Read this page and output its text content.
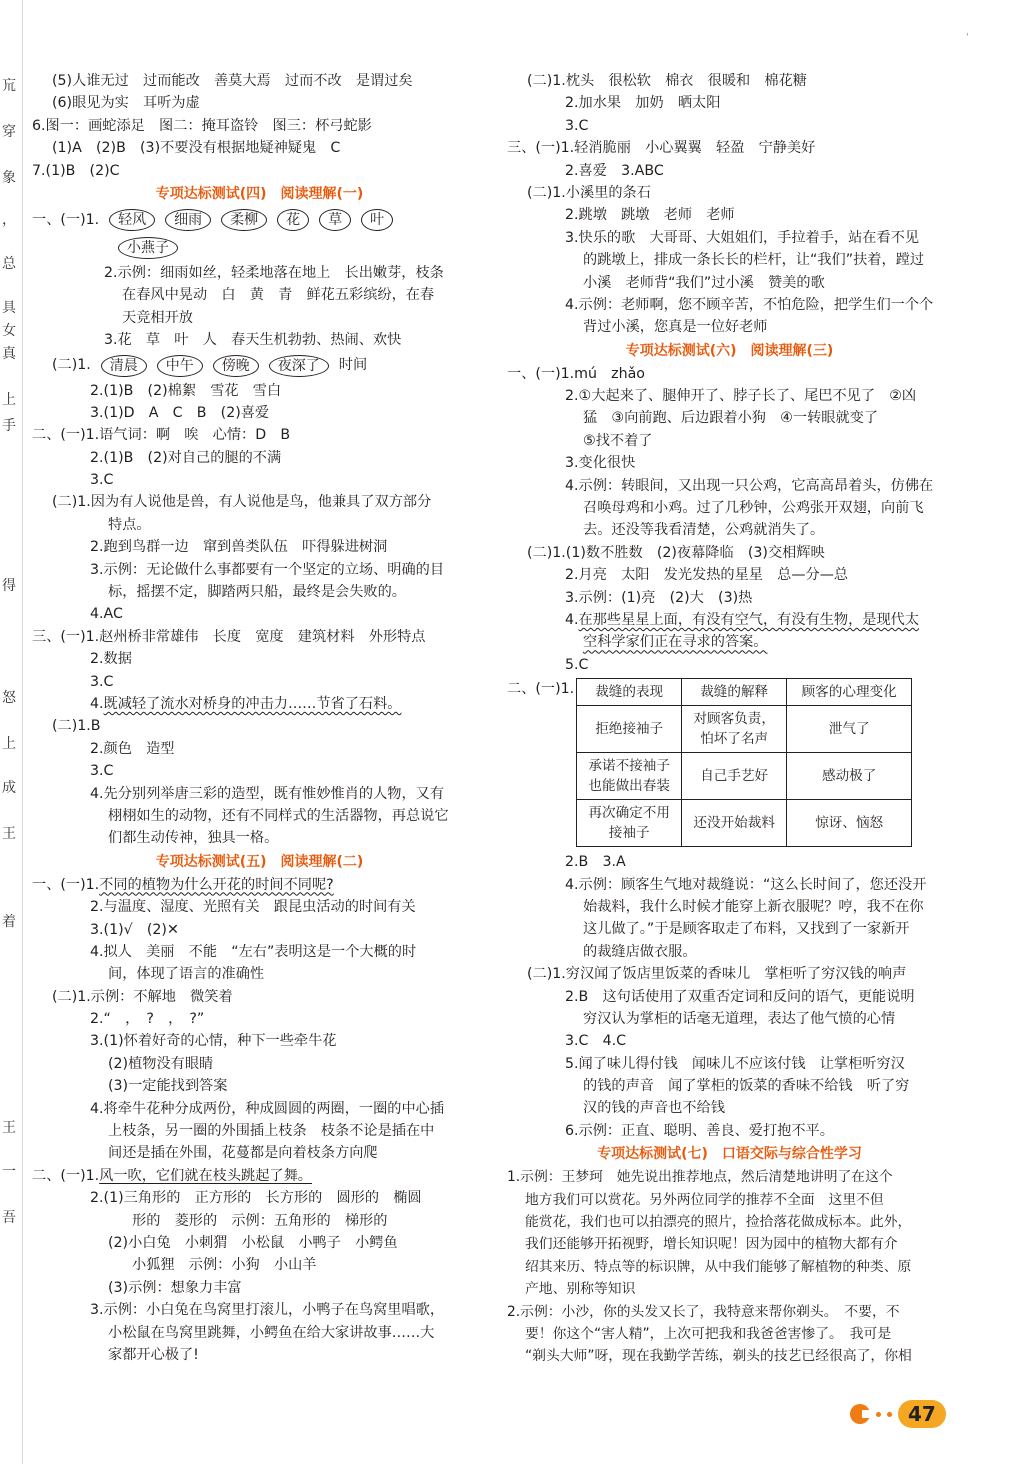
巟
穿
象
，
总
具
女
真
上
手
得
怒
上
成
王
着
王
一
吾
'
(5)人谁无过　过而能改　善莫大焉　过而不改　是谓过矣
(6)眼见为实　耳听为虚
6.图一：画蛇添足　图二：掩耳盗铃　图三：杯弓蛇影
(1)A　(2)B　(3)不要没有根据地疑神疑鬼　C
7.(1)B　(2)C
专项达标测试(四)　阅读理解(一)
一、(一)1.	轻风	细雨	柔柳	花	草	叶
小燕子
2.示例：细雨如丝，轻柔地落在地上　长出嫩芽，枝条
在春风中晃动　白　黄　青　鲜花五彩缤纷，在春
天竞相开放
3.花　草　叶　人　春天生机勃勃、热闹、欢快
(二)1.	清晨	中午	傍晚	夜深了	时间
2.(1)B　(2)棉絮　雪花　雪白
3.(1)D　A　C　B　(2)喜爱
二、(一)1.语气词：啊　唉　心情：D　B
2.(1)B　(2)对自己的腿的不满
3.C
(二)1.因为有人说他是兽，有人说他是鸟，他兼具了双方部分
特点。
2.跑到鸟群一边　窜到兽类队伍　吓得躲进树洞
3.示例：无论做什么事都要有一个坚定的立场、明确的目
标，摇摆不定，脚踏两只船，最终是会失败的。
4.AC
三、(一)1.赵州桥非常雄伟　长度　宽度　建筑材料　外形特点
2.数据
3.C
4.既减轻了流水对桥身的冲击力……节省了石料。
(二)1.B
2.颜色　造型
3.C
4.先分别列举唐三彩的造型，既有惟妙惟肖的人物，又有
栩栩如生的动物，还有不同样式的生活器物，再总说它
们都生动传神，独具一格。
专项达标测试(五)　阅读理解(二)
一、(一)1.不同的植物为什么开花的时间不同呢?
2.与温度、湿度、光照有关　跟昆虫活动的时间有关
3.(1)√　(2)✕
4.拟人　美丽　不能　“左右”表明这是一个大概的时
间，体现了语言的准确性
(二)1.示例：不解地　微笑着
2.“　，　?　，　?”
3.(1)怀着好奇的心情，种下一些牵牛花
(2)植物没有眼睛
(3)一定能找到答案
4.将牵牛花种分成两份，种成圆圆的两圈，一圈的中心插
上枝条，另一圈的外围插上枝条　枝条不论是插在中
间还是插在外围，花蔓都是向着枝条方向爬
二、(一)1.风一吹，它们就在枝头跳起了舞。
2.(1)三角形的　正方形的　长方形的　圆形的　椭圆
形的　菱形的　示例：五角形的　梯形的
(2)小白兔　小刺猬　小松鼠　小鸭子　小鳄鱼
小狐狸　示例：小狗　小山羊
(3)示例：想象力丰富
3.示例：小白兔在鸟窝里打滚儿，小鸭子在鸟窝里唱歌，
小松鼠在鸟窝里跳舞，小鳄鱼在给大家讲故事……大
家都开心极了!
(二)1.枕头　很松软　棉衣　很暖和　棉花糖
2.加水果　加奶　晒太阳
3.C
三、(一)1.轻消脆丽　小心翼翼　轻盈　宁静美好
2.喜爱　3.ABC
(二)1.小溪里的条石
2.跳墩　跳墩　老师　老师
3.快乐的歌　大哥哥、大姐姐们，手拉着手，站在看不见
的跳墩上，排成一条长长的栏杆，让“我们”扶着，蹚过
小溪　老师背“我们”过小溪　赞美的歌
4.示例：老师啊，您不顾辛苦，不怕危险，把学生们一个个
背过小溪，您真是一位好老师
专项达标测试(六)　阅读理解(三)
一、(一)1.mú　zhǎo
2.①大起来了、腿伸开了、脖子长了、尾巴不见了　②凶
猛　③向前跑、后边跟着小狗　④一转眼就变了
⑤找不着了
3.变化很快
4.示例：转眼间，又出现一只公鸡，它高高昂着头，仿佛在
召唤母鸡和小鸡。过了几秒钟，公鸡张开双翅，向前飞
去。还没等我看清楚，公鸡就消失了。
(二)1.(1)数不胜数　(2)夜幕降临　(3)交相辉映
2.月亮　太阳　发光发热的星星　总—分—总
3.示例：(1)亮　(2)大　(3)热
4.在那些星星上面，有没有空气，有没有生物，是现代太
空科学家们正在寻求的答案。
5.C
二、(一)1. 裁缝的表现	裁缝的解释	顾客的心理变化
拒绝接袖子	对顾客负责，怕坏了名声	泄气了
承诺不接袖子也能做出春装	自己手艺好	感动极了
再次确定不用接袖子	还没开始裁料	惊讶、恼怒
2.B　3.A
4.示例：顾客生气地对裁缝说：“这么长时间了，您还没开
始裁料，我什么时候才能穿上新衣服呢？哼，我不在你
这儿做了。”于是顾客取走了布料，又找到了一家新开
的裁缝店做衣服。
(二)1.穷汉闻了饭店里饭菜的香味儿　掌柜听了穷汉钱的响声
2.B　这句话使用了双重否定词和反问的语气，更能说明
穷汉认为掌柜的话毫无道理，表达了他气愤的心情
3.C　4.C
5.闻了味儿得付钱　闻味儿不应该付钱　让掌柜听穷汉
的钱的声音　闻了掌柜的饭菜的香味不给钱　听了穷
汉的钱的声音也不给钱
6.示例：正直、聪明、善良、爱打抱不平。
专项达标测试(七)　口语交际与综合性学习
1.示例：王梦珂　她先说出推荐地点，然后清楚地讲明了在这个
地方我们可以赏花。另外两位同学的推荐不全面　这里不但
能赏花，我们也可以拍漂亮的照片，捡拾落花做成标本。此外，
我们还能够开拓视野，增长知识呢！因为园中的植物大都有介
绍其来历、特点等的标识牌，从中我们能够了解植物的种类、原
产地、别称等知识
2.示例：小沙，你的头发又长了，我特意来帮你剃头。　不要，不
要！你这个“害人精”，上次可把我和我爸爸害惨了。　我可是
“剃头大师”呀，现在我勤学苦练，剃头的技艺已经很高了，你相
47
